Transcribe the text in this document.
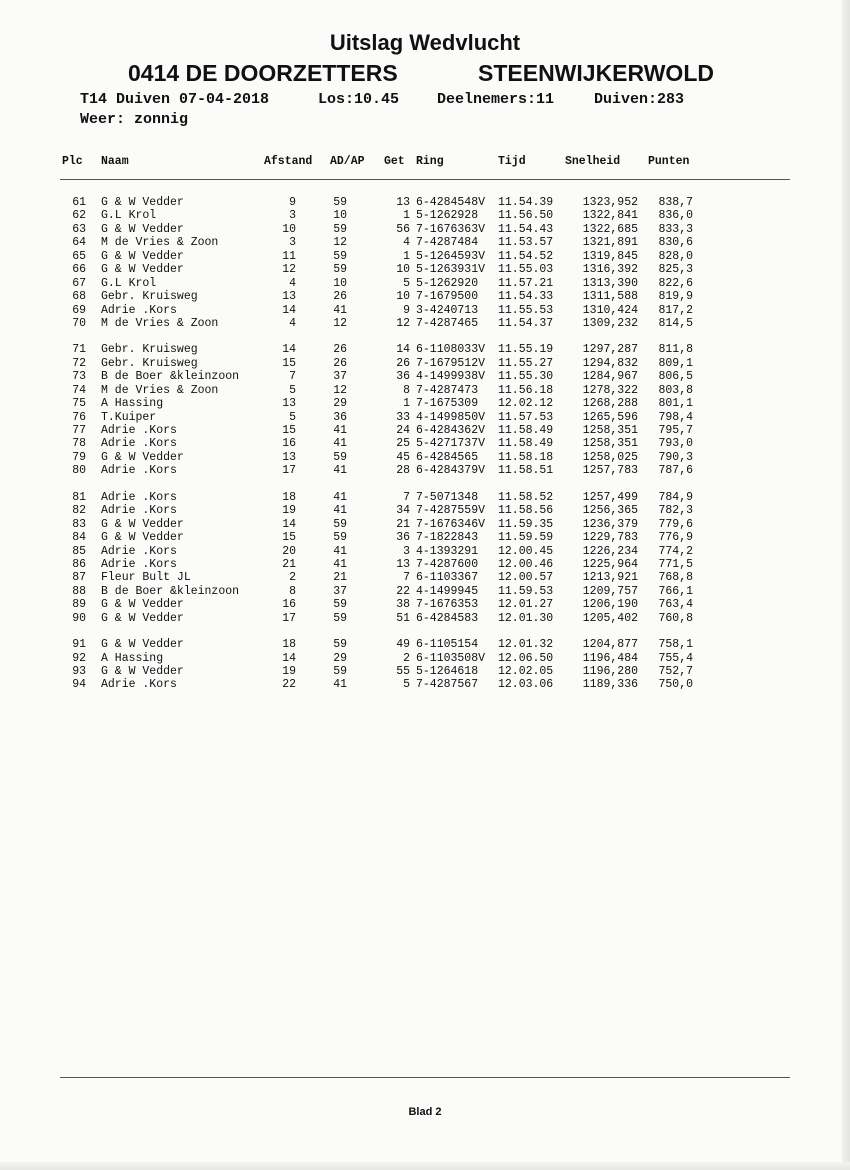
Uitslag Wedvlucht
0414 DE DOORZETTERS	STEENWIJKERWOLD

T14 Duiven 07-04-2018

	Los:10.45

	Deelnemers:11

	Duiven:283

Weer: zonnig

Plc Naam	Afstand AD/AP Get Ring	Tijd	Snelheid Punten
61 G & W Vedder	9	59	13 6-4284548V 11.54.39	1323,952	838,7
62 G.L Krol	3	10	1 5-1262928 11.56.50	1322,841	836,0
63 G & W Vedder	10	59	56 7-1676363V 11.54.43	1322,685	833,3
64 M de Vries & Zoon	3	12	4 7-4287484 11.53.57	1321,891	830,6
65 G & W Vedder	11	59	1 5-1264593V 11.54.52	1319,845	828,0
66 G & W Vedder	12	59	10 5-1263931V 11.55.03	1316,392	825,3
67 G.L Krol	4	10	5 5-1262920 11.57.21	1313,390	822,6
68 Gebr. Kruisweg	13	26	10 7-1679500 11.54.33	1311,588	819,9
69 Adrie .Kors	14	41	9 3-4240713 11.55.53	1310,424	817,2
70 M de Vries & Zoon	4	12	12 7-4287465 11.54.37	1309,232	814,5
71 Gebr. Kruisweg	14	26	14 6-1108033V 11.55.19	1297,287	811,8
72 Gebr. Kruisweg	15	26	26 7-1679512V 11.55.27	1294,832	809,1
73 B de Boer &kleinzoon	7	37	36 4-1499938V 11.55.30	1284,967	806,5
74 M de Vries & Zoon	5	12	8 7-4287473 11.56.18	1278,322	803,8
75 A Hassing	13	29	1 7-1675309 12.02.12	1268,288	801,1
76 T.Kuiper	5	36	33 4-1499850V 11.57.53	1265,596	798,4
77 Adrie .Kors	15	41	24 6-4284362V 11.58.49	1258,351	795,7
78 Adrie .Kors	16	41	25 5-4271737V 11.58.49	1258,351	793,0
79 G & W Vedder	13	59	45 6-4284565 11.58.18	1258,025	790,3
80 Adrie .Kors	17	41	28 6-4284379V 11.58.51	1257,783	787,6
81 Adrie .Kors	18	41	7 7-5071348 11.58.52	1257,499	784,9
82 Adrie .Kors	19	41	34 7-4287559V 11.58.56	1256,365	782,3
83 G & W Vedder	14	59	21 7-1676346V 11.59.35	1236,379	779,6
84 G & W Vedder	15	59	36 7-1822843 11.59.59	1229,783	776,9
85 Adrie .Kors	20	41	3 4-1393291 12.00.45	1226,234	774,2
86 Adrie .Kors	21	41	13 7-4287600 12.00.46	1225,964	771,5
87 Fleur Bult JL	2	21	7 6-1103367 12.00.57	1213,921	768,8
88 B de Boer &kleinzoon	8	37	22 4-1499945 11.59.53	1209,757	766,1
89 G & W Vedder	16	59	38 7-1676353 12.01.27	1206,190	763,4
90 G & W Vedder	17	59	51 6-4284583 12.01.30	1205,402	760,8
91 G & W Vedder	18	59	49 6-1105154 12.01.32	1204,877	758,1
92 A Hassing	14	29	2 6-1103508V 12.06.50	1196,484	755,4
93 G & W Vedder	19	59	55 5-1264618 12.02.05	1196,280	752,7
94 Adrie .Kors	22	41	5 7-4287567 12.03.06	1189,336	750,0
Blad 2
